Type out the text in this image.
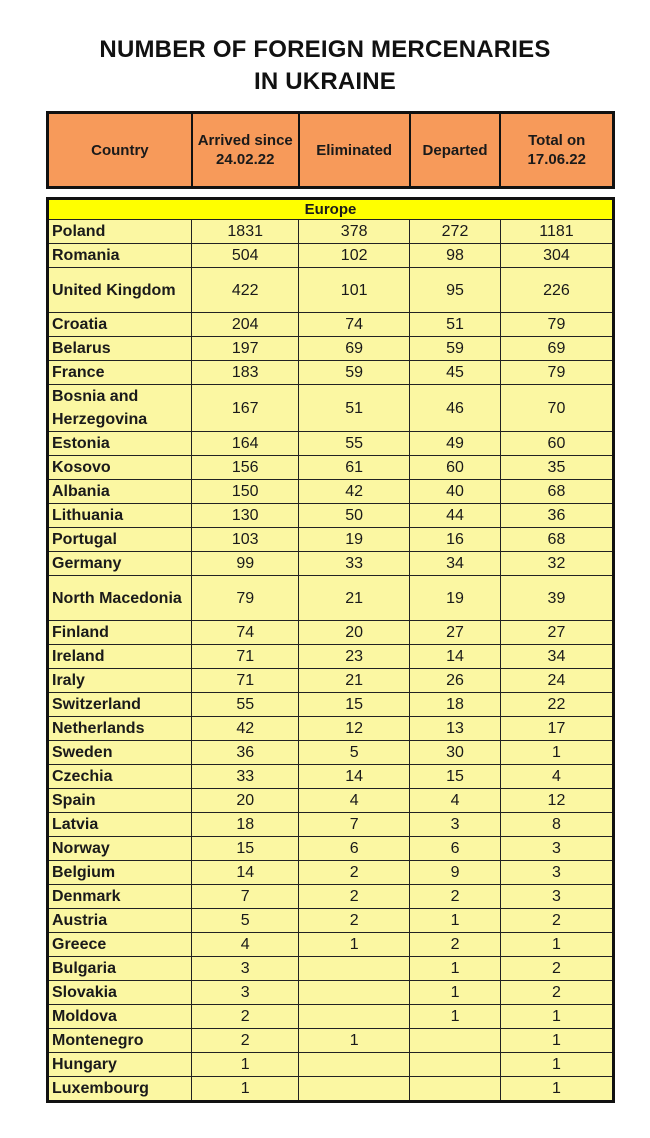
NUMBER OF FOREIGN MERCENARIES
IN UKRAINE
Country	Arrived since 24.02.22	Eliminated	Departed	Total on 17.06.22
Europe				
Poland	1831	378	272	1181
Romania	504	102	98	304
United Kingdom	422	101	95	226
Croatia	204	74	51	79
Belarus	197	69	59	69
France	183	59	45	79
Bosnia and Herzegovina	167	51	46	70
Estonia	164	55	49	60
Kosovo	156	61	60	35
Albania	150	42	40	68
Lithuania	130	50	44	36
Portugal	103	19	16	68
Germany	99	33	34	32
North Macedonia	79	21	19	39
Finland	74	20	27	27
Ireland	71	23	14	34
Iraly	71	21	26	24
Switzerland	55	15	18	22
Netherlands	42	12	13	17
Sweden	36	5	30	1
Czechia	33	14	15	4
Spain	20	4	4	12
Latvia	18	7	3	8
Norway	15	6	6	3
Belgium	14	2	9	3
Denmark	7	2	2	3
Austria	5	2	1	2
Greece	4	1	2	1
Bulgaria	3		1	2
Slovakia	3		1	2
Moldova	2		1	1
Montenegro	2	1		1
Hungary	1			1
Luxembourg	1			1
